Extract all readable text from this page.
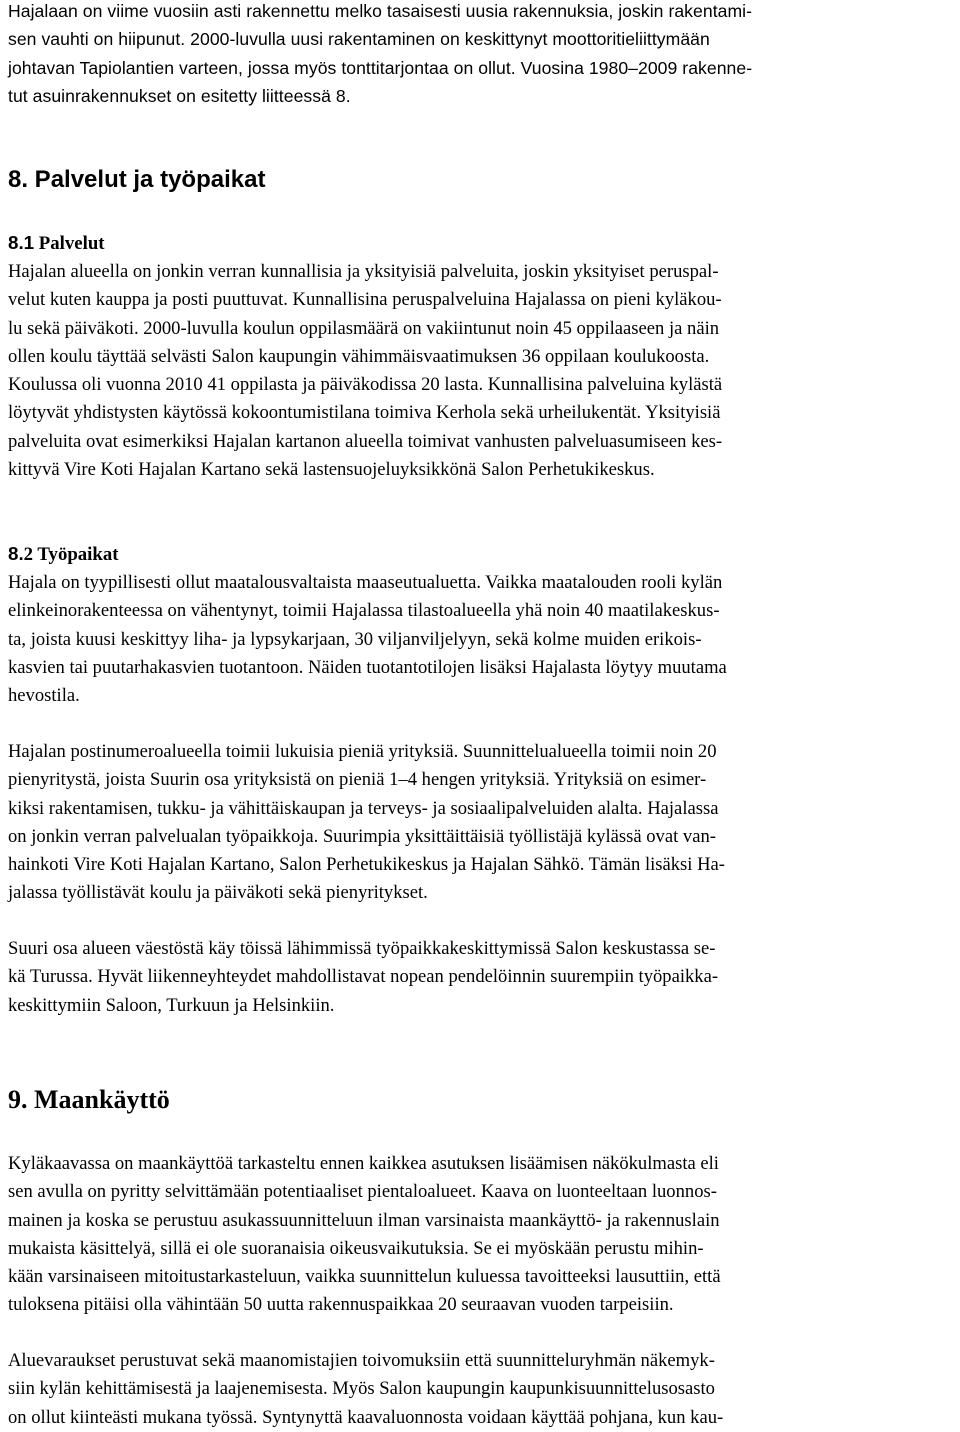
Hajalaan on viime vuosiin asti rakennettu melko tasaisesti uusia rakennuksia, joskin rakentami-
sen vauhti on hiipunut. 2000-luvulla uusi rakentaminen on keskittynyt moottoritieliittymään
johtavan Tapiolantien varteen, jossa myös tonttitarjontaa on ollut. Vuosina 1980–2009 rakenne-
tut asuinrakennukset on esitetty liitteessä 8.
8. Palvelut ja työpaikat
8.1 Palvelut
Hajalan alueella on jonkin verran kunnallisia ja yksityisiä palveluita, joskin yksityiset peruspal-
velut kuten kauppa ja posti puuttuvat. Kunnallisina peruspalveluina Hajalassa on pieni kyläkou-
lu sekä päiväkoti. 2000-luvulla koulun oppilasmäärä on vakiintunut noin 45 oppilaaseen ja näin
ollen koulu täyttää selvästi Salon kaupungin vähimmäisvaatimuksen 36 oppilaan koulukoosta.
Koulussa oli vuonna 2010 41 oppilasta ja päiväkodissa 20 lasta. Kunnallisina palveluina kylästä
löytyvät yhdistysten käytössä kokoontumistilana toimiva Kerhola sekä urheilukentät. Yksityisiä
palveluita ovat esimerkiksi Hajalan kartanon alueella toimivat vanhusten palveluasumiseen kes-
kittyvä Vire Koti Hajalan Kartano sekä lastensuojeluyksikkönä Salon Perhetukikeskus.
8.2 Työpaikat
Hajala on tyypillisesti ollut maatalousvaltaista maaseutualuetta. Vaikka maatalouden rooli kylän
elinkeinorakenteessa on vähentynyt, toimii Hajalassa tilastoalueella yhä noin 40 maatilakeskus-
ta, joista kuusi keskittyy liha- ja lypsykarjaan, 30 viljanviljelyyn, sekä kolme muiden erikois-
kasvien tai puutarhakasvien tuotantoon. Näiden tuotantotilojen lisäksi Hajalasta löytyy muutama
hevostila.
Hajalan postinumeroalueella toimii lukuisia pieniä yrityksiä. Suunnittelualueella toimii noin 20
pienyritystä, joista Suurin osa yrityksistä on pieniä 1–4 hengen yrityksiä. Yrityksiä on esimer-
kiksi rakentamisen, tukku- ja vähittäiskaupan ja terveys- ja sosiaalipalveluiden alalta. Hajalassa
on jonkin verran palvelualan työpaikkoja. Suurimpia yksittäittäisiä työllistäjä kylässä ovat van-
hainkoti Vire Koti Hajalan Kartano, Salon Perhetukikeskus ja Hajalan Sähkö. Tämän lisäksi Ha-
jalassa työllistävät koulu ja päiväkoti sekä pienyritykset.
Suuri osa alueen väestöstä käy töissä lähimmissä työpaikkakeskittymissä Salon keskustassa se-
kä Turussa. Hyvät liikenneyhteydet mahdollistavat nopean pendelöinnin suurempiin työpaikka-
keskittymiin Saloon, Turkuun ja Helsinkiin.
9. Maankäyttö
Kyläkaavassa on maankäyttöä tarkasteltu ennen kaikkea asutuksen lisäämisen näkökulmasta eli
sen avulla on pyritty selvittämään potentiaaliset pientaloalueet. Kaava on luonteeltaan luonnos-
mainen ja koska se perustuu asukassuunnitteluun ilman varsinaista maankäyttö- ja rakennuslain
mukaista käsittelyä, sillä ei ole suoranaisia oikeusvaikutuksia. Se ei myöskään perustu mihin-
kään varsinaiseen mitoitustarkasteluun, vaikka suunnittelun kuluessa tavoitteeksi lausuttiin, että
tuloksena pitäisi olla vähintään 50 uutta rakennuspaikkaa 20 seuraavan vuoden tarpeisiin.
Aluevaraukset perustuvat sekä maanomistajien toivomuksiin että suunnitteluryhmän näkemyk-
siin kylän kehittämisestä ja laajenemisesta. Myös Salon kaupungin kaupunkisuunnittelusosasto
on ollut kiinteästi mukana työssä. Syntynyttä kaavaluonnosta voidaan käyttää pohjana, kun kau-
